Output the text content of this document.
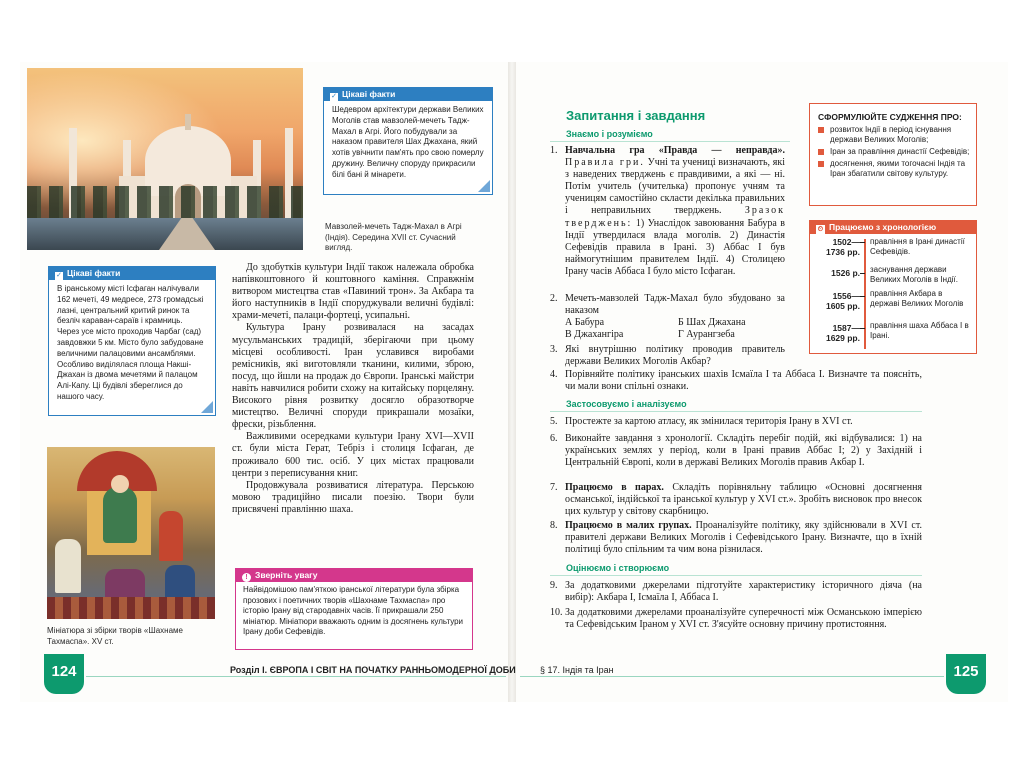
Мавзолей-мечеть Тадж-Махал в Агрі (Індія). Середина XVII ст. Сучасний вигляд.
✓ Цікаві факти
Шедевром архітектури держави Великих Моголів став мавзолей-мечеть Тадж-Махал в Агрі. Його побудували за наказом правителя Шах Джахана, який хотів увічнити пам'ять про свою померлу дружину. Величну споруду прикрасили білі бані й мінарети.
✓ Цікаві факти
В іранському місті Ісфаган налічували 162 мечеті, 49 медресе, 273 громадські лазні, центральний критий ринок та безліч караван-сараїв і крамниць. Через усе місто проходив Чарбаг (сад) завдовжки 5 км. Місто було забудоване величними палацовими ансамблями. Особливо виділялася площа Накші-Джахан із двома мечетями й палацом Алі-Капу. Ці будівлі збереглися до нашого часу.

До здобутків культури Індії також належала обробка напівкоштовного й коштовного каміння. Справжнім витвором мистецтва став «Павиний трон». За Акбара та його наступників в Індії споруджували величні будівлі: храми-мечеті, палаци-фортеці, усипальні.

Культура Ірану розвивалася на засадах мусульманських традицій, зберігаючи при цьому місцеві особливості. Іран уславився виробами ремісників, які виготовляли тканини, килими, зброю, посуд, що йшли на продаж до Європи. Іранські майстри навіть навчилися робити схожу на китайську порцеляну. Високого рівня розвитку досягло образотворче мистецтво. Величні споруди прикрашали мозаїки, фрески, різьблення.

Важливими осередками культури Ірану XVI—XVII ст. були міста Герат, Тебріз і столиця Ісфаган, де проживало 600 тис. осіб. У цих містах працювали центри з переписування книг.

Продовжувала розвиватися література. Перською мовою традиційно писали поезію. Твори були присвячені правлінню шаха.

Мініатюра зі збірки творів «Шахнаме Тахмаспа». XV ст.
! Зверніть увагу
Найвідомішою пам'яткою іранської літератури була збірка прозових і поетичних творів «Шахнаме Тахмаспа» про історію Ірану від стародавніх часів. Її прикрашали 250 мініатюр. Мініатюри вважають одним із досягнень культури Ірану доби Сефевідів.
124	Розділ І. ЄВРОПА І СВІТ НА ПОЧАТКУ РАННЬОМОДЕРНОЇ ДОБИ
Запитання і завдання
Знаємо і розуміємо
1. Навчальна гра «Правда — неправда». Правила гри. Учні та учениці визначають, які з наведених тверджень є правдивими, а які — ні. Потім учитель (учителька) пропонує учням та ученицям самостійно скласти декілька правильних і неправильних тверджень. Зразок тверджень: 1) Унаслідок завоювання Бабура в Індії утвердилася влада моголів. 2) Династія Сефевідів правила в Ірані. 3) Аббас І був наймогутнішим правителем Індії. 4) Столицею Ірану часів Аббаса І було місто Ісфаган.
2. Мечеть-мавзолей Тадж-Махал було збудовано за наказом
А Бабура	Б Шах Джахана
В Джахангіра	Г Аурангзеба
3. Які внутрішню політику проводив правитель держави Великих Моголів Акбар?
4. Порівняйте політику іранських шахів Ісмаїла І та Аббаса І. Визначте та поясніть, чи мали вони спільні ознаки.
Застосовуємо і аналізуємо
5. Простежте за картою атласу, як змінилася територія Ірану в XVI ст.
6. Виконайте завдання з хронології. Складіть перебіг подій, які відбувалися: 1) на українських землях у період, коли в Ірані правив Аббас І; 2) у Західній і Центральній Європі, коли в державі Великих Моголів правив Акбар І.
7. Працюємо в парах. Складіть порівняльну таблицю «Основні досягнення османської, індійської та іранської культур у XVI ст.». Зробіть висновок про внесок цих культур у світову скарбницю.
8. Працюємо в малих групах. Проаналізуйте політику, яку здійснювали в XVI ст. правителі держави Великих Моголів і Сефевідського Ірану. Визначте, що в їхній політиці було спільним та чим вона різнилася.
Оцінюємо і створюємо
9. За додатковими джерелами підготуйте характеристику історичного діяча (на вибір): Акбара І, Ісмаїла І, Аббаса І.
10. За додатковими джерелами проаналізуйте суперечності між Османською імперією та Сефевідським Іраном у XVI ст. З'ясуйте основну причину протистояння.
СФОРМУЛЮЙТЕ СУДЖЕННЯ ПРО:
розвиток Індії в період існування держави Великих Моголів;
Іран за правління династії Сефевідів;
досягнення, якими тогочасні Індія та Іран збагатили світову культуру.
⏲ Працюємо з хронологією
1502— 1736 рр.
правління в Ірані династії Сефевідів.
1526 р. заснування держави Великих Моголів в Індії.
1556— 1605 рр.
правління Акбара в державі Великих Моголів
1587— 1629 рр.
правління шаха Аббаса І в Ірані.
§ 17. Індія та Іран	125
